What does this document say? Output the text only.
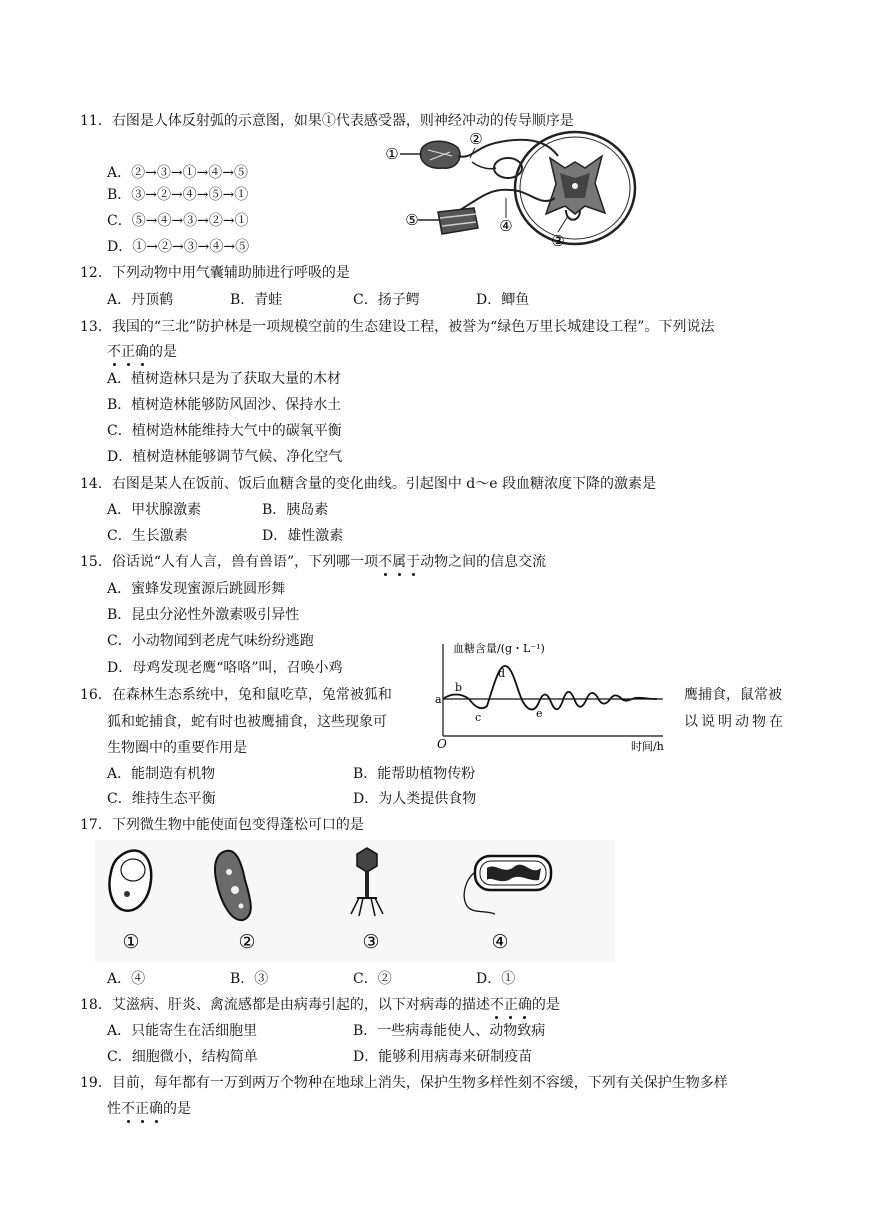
11．右图是人体反射弧的示意图，如果①代表感受器，则神经冲动的传导顺序是
A．②→③→①→④→⑤
B．③→②→④→⑤→①
C．⑤→④→③→②→①
D．①→②→③→④→⑤
①
②
③
④
⑤
12．下列动物中用气囊辅助肺进行呼吸的是
A．丹顶鹤	B．青蛙	C．扬子鳄	D．鲫鱼
13．我国的“三北”防护林是一项规模空前的生态建设工程，被誉为“绿色万里长城建设工程”。下列说法
不正确的是
A．植树造林只是为了获取大量的木材
B．植树造林能够防风固沙、保持水土
C．植树造林能维持大气中的碳氧平衡
D．植树造林能够调节气候、净化空气
14．右图是某人在饭前、饭后血糖含量的变化曲线。引起图中 d～e 段血糖浓度下降的激素是
A．甲状腺激素	B．胰岛素
C．生长激素	D．雄性激素
15．俗话说“人有人言，兽有兽语”，下列哪一项不属于动物之间的信息交流
A．蜜蜂发现蜜源后跳圆形舞
B．昆虫分泌性外激素吸引异性
C．小动物闻到老虎气味纷纷逃跑
D．母鸡发现老鹰“咯咯”叫，召唤小鸡
血糖含量/(g・L⁻¹)
时间/h
O
a
b
c
d
e
16．在森林生态系统中，兔和鼠吃草，兔常被狐和	鹰捕食，鼠常被
狐和蛇捕食，蛇有时也被鹰捕食，这些现象可	以说明动物在
生物圈中的重要作用是
A．能制造有机物	B．能帮助植物传粉
C．维持生态平衡	D．为人类提供食物
17．下列微生物中能使面包变得蓬松可口的是
①	②	③	④
A．④	B．③	C．②	D．①
18．艾滋病、肝炎、禽流感都是由病毒引起的，以下对病毒的描述不正确的是
A．只能寄生在活细胞里	B．一些病毒能使人、动物致病
C．细胞微小，结构简单	D．能够利用病毒来研制疫苗
19．目前，每年都有一万到两万个物种在地球上消失，保护生物多样性刻不容缓，下列有关保护生物多样
性不正确的是
